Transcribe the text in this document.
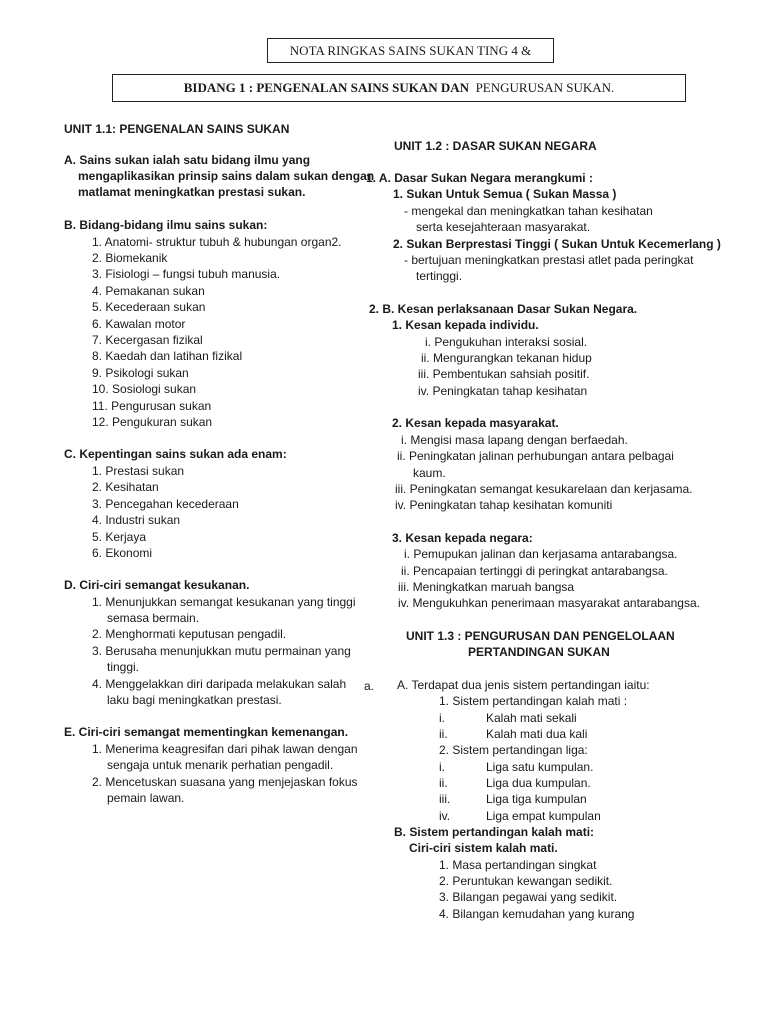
NOTA RINGKAS SAINS SUKAN TING 4 &
BIDANG 1 : PENGENALAN SAINS SUKAN DAN PENGURUSAN SUKAN.
UNIT 1.1: PENGENALAN SAINS SUKAN
A. Sains sukan ialah satu bidang ilmu yang
mengaplikasikan prinsip sains dalam sukan dengan
matlamat meningkatkan prestasi sukan.
B. Bidang-bidang ilmu sains sukan:
1. Anatomi- struktur tubuh & hubungan organ2.
2. Biomekanik
3. Fisiologi – fungsi tubuh manusia.
4. Pemakanan sukan
5. Kecederaan sukan
6. Kawalan motor
7. Kecergasan fizikal
8. Kaedah dan latihan fizikal
9. Psikologi sukan
10. Sosiologi sukan
11. Pengurusan sukan
12. Pengukuran sukan
C. Kepentingan sains sukan ada enam:
1. Prestasi sukan
2. Kesihatan
3. Pencegahan kecederaan
4. Industri sukan
5. Kerjaya
6. Ekonomi
D. Ciri-ciri semangat kesukanan.
1. Menunjukkan semangat kesukanan yang tinggi
semasa bermain.
2. Menghormati keputusan pengadil.
3. Berusaha menunjukkan mutu permainan yang
tinggi.
4. Menggelakkan diri daripada melakukan salah
laku bagi meningkatkan prestasi.
a.
E. Ciri-ciri semangat mementingkan kemenangan.
1. Menerima keagresifan dari pihak lawan dengan
sengaja untuk menarik perhatian pengadil.
2. Mencetuskan suasana yang menjejaskan fokus
pemain lawan.
UNIT 1.2 : DASAR SUKAN NEGARA
1. A. Dasar Sukan Negara merangkumi :
1. Sukan Untuk Semua ( Sukan Massa )
- mengekal dan meningkatkan tahan kesihatan
serta kesejahteraan masyarakat.
2. Sukan Berprestasi Tinggi ( Sukan Untuk Kecemerlang )
- bertujuan meningkatkan prestasi atlet pada peringkat
tertinggi.
2. B. Kesan perlaksanaan Dasar Sukan Negara.
1. Kesan kepada individu.
i. Pengukuhan interaksi sosial.
ii. Mengurangkan tekanan hidup
iii. Pembentukan sahsiah positif.
iv. Peningkatan tahap kesihatan
2. Kesan kepada masyarakat.
i. Mengisi masa lapang dengan berfaedah.
ii. Peningkatan jalinan perhubungan antara pelbagai
kaum.
iii. Peningkatan semangat kesukarelaan dan kerjasama.
iv. Peningkatan tahap kesihatan komuniti
3. Kesan kepada negara:
i. Pemupukan jalinan dan kerjasama antarabangsa.
ii. Pencapaian tertinggi di peringkat antarabangsa.
iii. Meningkatkan maruah bangsa
iv. Mengukuhkan penerimaan masyarakat antarabangsa.
UNIT 1.3 : PENGURUSAN DAN PENGELOLAAN
PERTANDINGAN SUKAN
A. Terdapat dua jenis sistem pertandingan iaitu:
1. Sistem pertandingan kalah mati :
i.	Kalah mati sekali
ii.	Kalah mati dua kali
2. Sistem pertandingan liga:
i.	Liga satu kumpulan.
ii.	Liga dua kumpulan.
iii.	Liga tiga kumpulan
iv.	Liga empat kumpulan
B. Sistem pertandingan kalah mati:
Ciri-ciri sistem kalah mati.
1. Masa pertandingan singkat
2. Peruntukan kewangan sedikit.
3. Bilangan pegawai yang sedikit.
4. Bilangan kemudahan yang kurang
